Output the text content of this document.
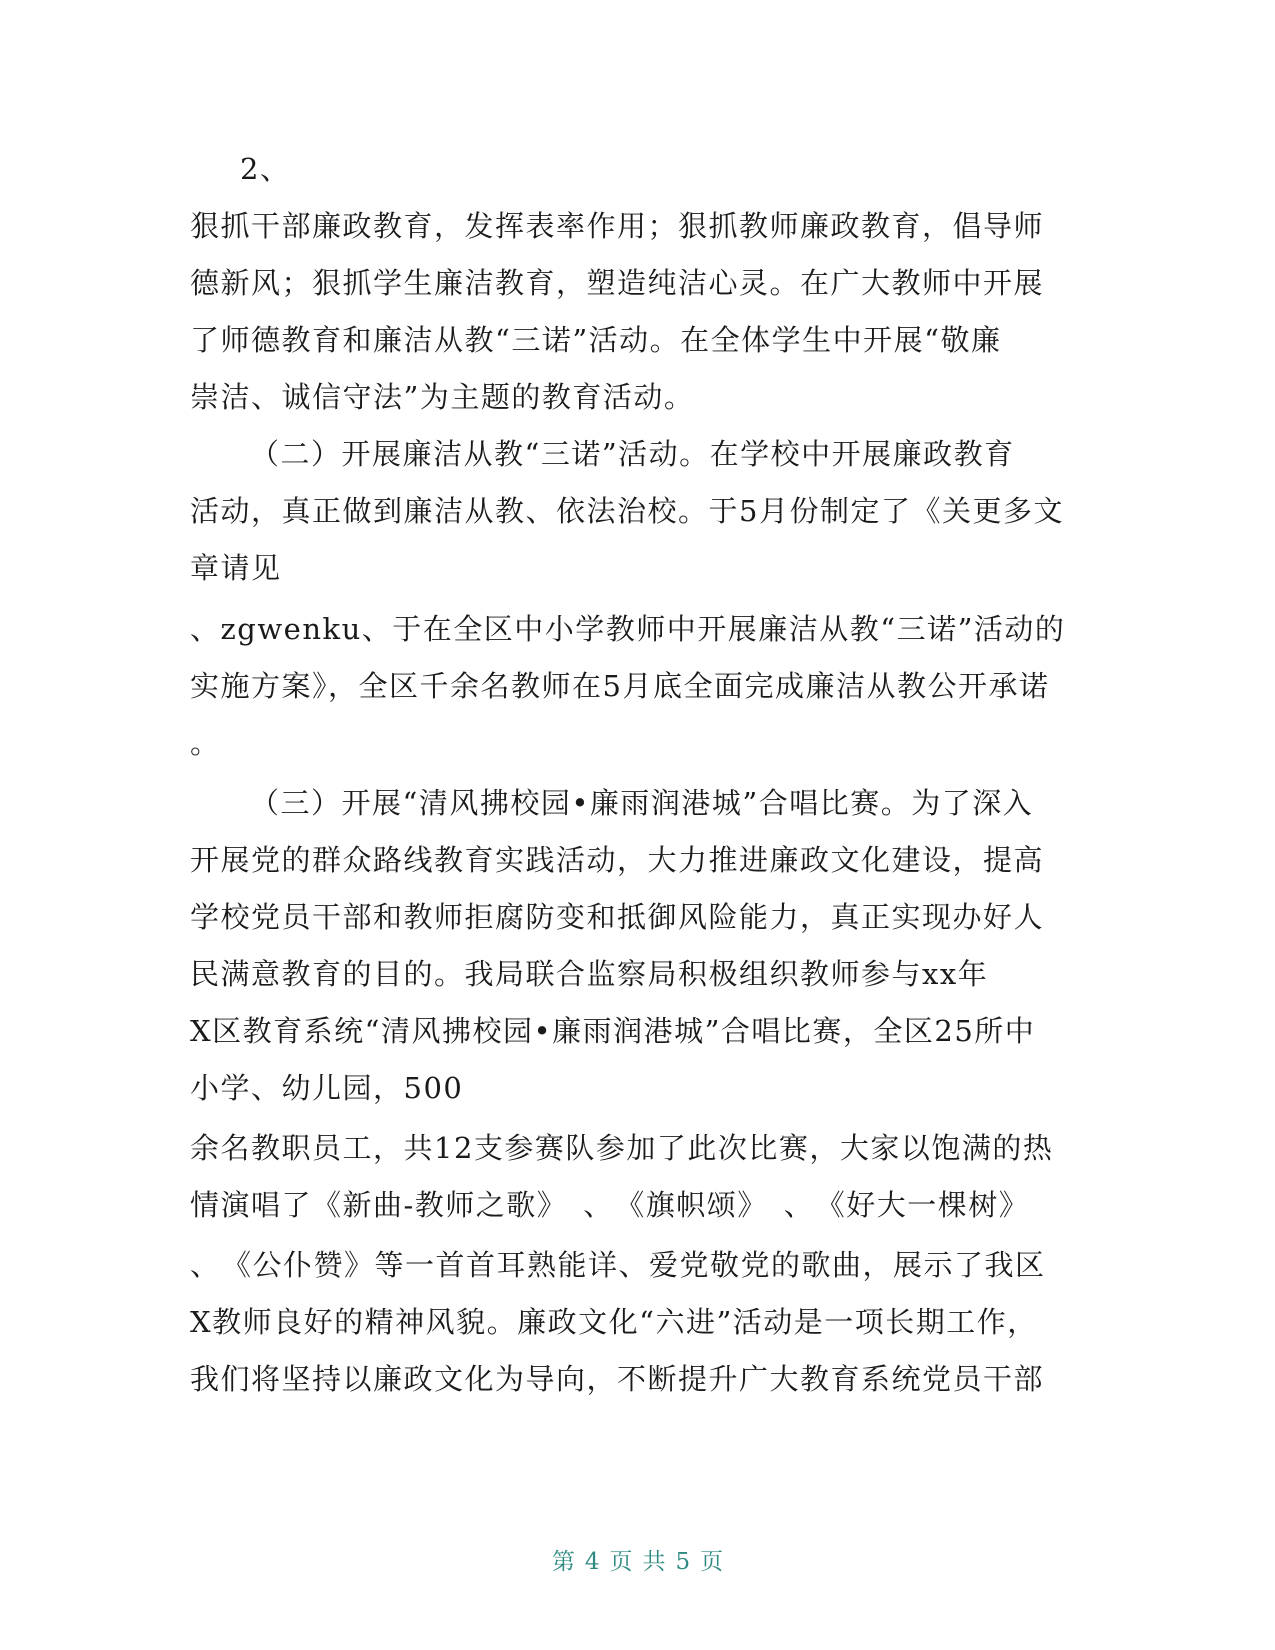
2、
狠抓干部廉政教育，发挥表率作用；狠抓教师廉政教育，倡导师
德新风；狠抓学生廉洁教育，塑造纯洁心灵。在广大教师中开展
了师德教育和廉洁从教“三诺”活动。在全体学生中开展“敬廉
崇洁、诚信守法”为主题的教育活动。
（二）开展廉洁从教“三诺”活动。在学校中开展廉政教育
活动，真正做到廉洁从教、依法治校。于5月份制定了《关更多文
章请见
、zgwenku、于在全区中小学教师中开展廉洁从教“三诺”活动的
实施方案》，全区千余名教师在5月底全面完成廉洁从教公开承诺
。
（三）开展“清风拂校园•廉雨润港城”合唱比赛。为了深入
开展党的群众路线教育实践活动，大力推进廉政文化建设，提高
学校党员干部和教师拒腐防变和抵御风险能力，真正实现办好人
民满意教育的目的。我局联合监察局积极组织教师参与xx年
X区教育系统“清风拂校园•廉雨润港城”合唱比赛，全区25所中
小学、幼儿园，500
余名教职员工，共12支参赛队参加了此次比赛，大家以饱满的热
情演唱了《新曲-教师之歌》　、　《旗帜颂》　、　《好大一棵树》
、　《公仆赞》等一首首耳熟能详、爱党敬党的歌曲，展示了我区
X教师良好的精神风貌。廉政文化“六进”活动是一项长期工作，
我们将坚持以廉政文化为导向，不断提升广大教育系统党员干部
第 4 页 共 5 页
